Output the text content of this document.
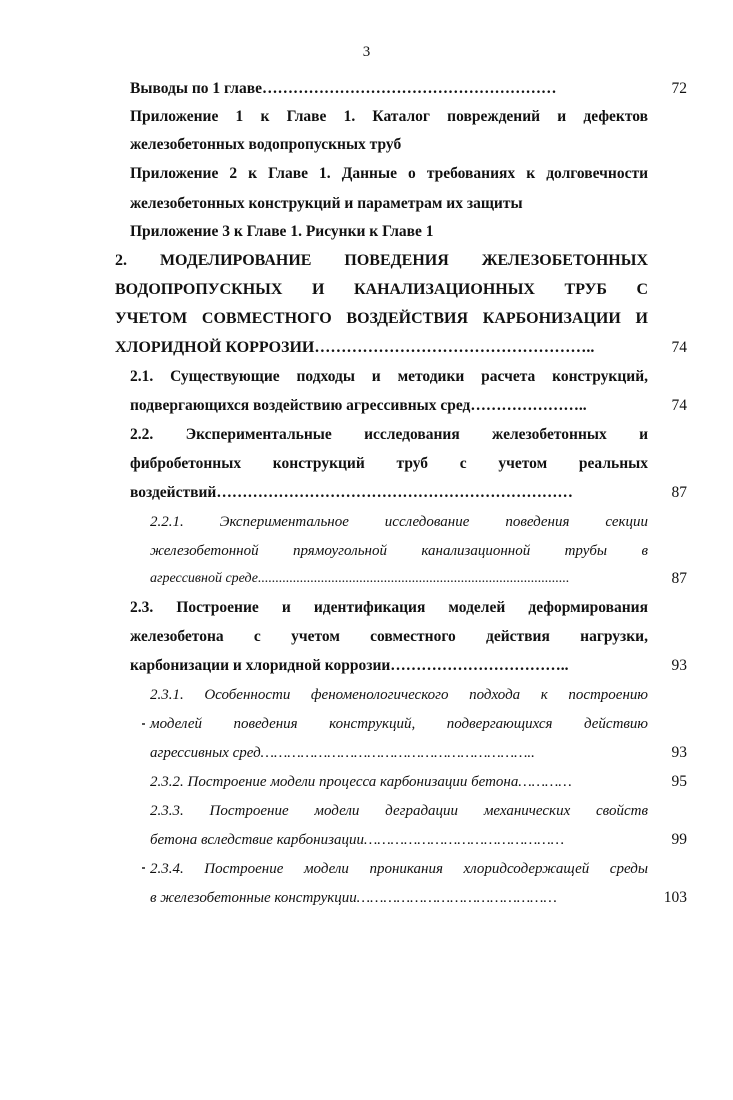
3
Выводы по 1 главе…………………………………………………	72
Приложение 1 к Главе 1. Каталог повреждений и дефектов
железобетонных водопропускных труб
Приложение 2 к Главе 1. Данные о требованиях к долговечности
железобетонных конструкций и параметрам их защиты
Приложение 3 к Главе 1. Рисунки к Главе 1
2. МОДЕЛИРОВАНИЕ ПОВЕДЕНИЯ ЖЕЛЕЗОБЕТОННЫХ
ВОДОПРОПУСКНЫХ И КАНАЛИЗАЦИОННЫХ ТРУБ С
УЧЕТОМ СОВМЕСТНОГО ВОЗДЕЙСТВИЯ КАРБОНИЗАЦИИ И
ХЛОРИДНОЙ КОРРОЗИИ……………………………………………..	74
2.1. Существующие подходы и методики расчета конструкций,
подвергающихся воздействию агрессивных сред…………………..	74
2.2. Экспериментальные исследования железобетонных и
фибробетонных конструкций труб с учетом реальных
воздействий……………………………………………………………	87
2.2.1. Экспериментальное исследование поведения секции
железобетонной прямоугольной канализационной трубы в
агрессивной среде.........................................................................................	87
2.3. Построение и идентификация моделей деформирования
железобетона с учетом совместного действия нагрузки,
карбонизации и хлоридной коррозии……………………………..	93
2.3.1. Особенности феноменологического подхода к построению
моделей поведения конструкций, подвергающихся действию
агрессивных сред……………………………………………………..	93
2.3.2. Построение модели процесса карбонизации бетона…………	95
2.3.3. Построение модели деградации механических свойств
бетона вследствие карбонизации………………………………………	99
2.3.4. Построение модели проникания хлоридсодержащей среды
в железобетонные конструкции………………………………………	103
